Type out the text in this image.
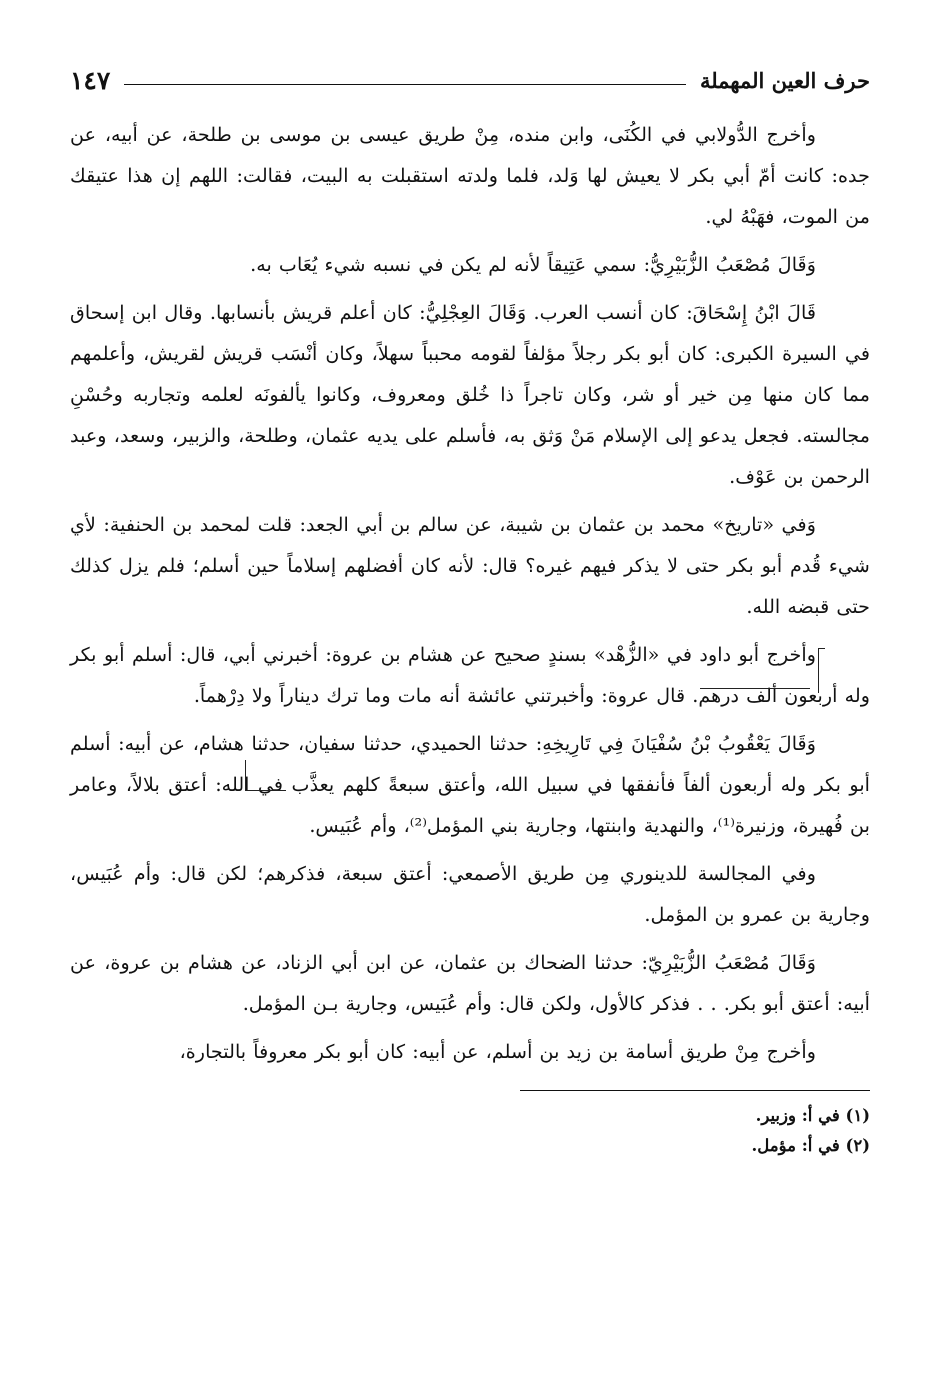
حرف العين المهملة
١٤٧

وأخرج الدُّولابي في الكُنَى، وابن منده، مِنْ طريق عيسى بن موسى بن طلحة، عن أبيه، عن جده: كانت أمّ أبي بكر لا يعيش لها وَلد، فلما ولدته استقبلت به البيت، فقالت: اللهم إن هذا عتيقك من الموت، فهَبْهُ لي.

وَقَالَ مُصْعَبُ الزُّبَيْرِيُّ: سمي عَتِيقاً لأنه لم يكن في نسبه شيء يُعَاب به.

قَالَ ابْنُ إِسْحَاقَ: كان أنسب العرب. وَقَالَ العِجْلِيُّ: كان أعلم قريش بأنسابها. وقال ابن إسحاق في السيرة الكبرى: كان أبو بكر رجلاً مؤلفاً لقومه محبباً سهلاً، وكان أنْسَب قريش لقريش، وأعلمهم مما كان منها مِن خير أو شر، وكان تاجراً ذا خُلق ومعروف، وكانوا يألفونَه لعلمه وتجاربه وحُسْنِ مجالسته. فجعل يدعو إلى الإسلام مَنْ وَثق به، فأسلم على يديه عثمان، وطلحة، والزبير، وسعد، وعبد الرحمن بن عَوْف.

وَفي «تاريخ» محمد بن عثمان بن شيبة، عن سالم بن أبي الجعد: قلت لمحمد بن الحنفية: لأي شيء قُدم أبو بكر حتى لا يذكر فيهم غيره؟ قال: لأنه كان أفضلهم إسلاماً حين أسلم؛ فلم يزل كذلك حتى قبضه الله.

وأخرج أبو داود في «الزُّهْد» بسندٍ صحيح عن هشام بن عروة: أخبرني أبي، قال: أسلم أبو بكر وله أربعون ألف درهم. قال عروة: وأخبرتني عائشة أنه مات وما ترك ديناراً ولا دِرْهماً.

وَقَالَ يَعْقُوبُ بْنُ سُفْيَانَ فِي تَارِيخِهِ: حدثنا الحميدي، حدثنا سفيان، حدثنا هشام، عن أبيه: أسلم أبو بكر وله أربعون ألفاً فأنفقها في سبيل الله، وأعتق سبعةً كلهم يعذَّب في الله: أعتق بلالاً، وعامر بن فُهيرة، وزنيرة⁽¹⁾، والنهدية وابنتها، وجارية بني المؤمل⁽²⁾، وأم عُبَيس.

وفي المجالسة للدينوري مِن طريق الأصمعي: أعتق سبعة، فذكرهم؛ لكن قال: وأم عُبَيس، وجارية بن عمرو بن المؤمل.

وَقَالَ مُصْعَبُ الزُّبَيْرِيّ: حدثنا الضحاك بن عثمان، عن ابن أبي الزناد، عن هشام بن عروة، عن أبيه: أعتق أبو بكر. . . فذكر كالأول، ولكن قال: وأم عُبَيس، وجارية بـن المؤمل.

وأخرج مِنْ طريق أسامة بن زيد بن أسلم، عن أبيه: كان أبو بكر معروفاً بالتجارة،

(١) في أ: وزبير.

(٢) في أ: مؤمل.
